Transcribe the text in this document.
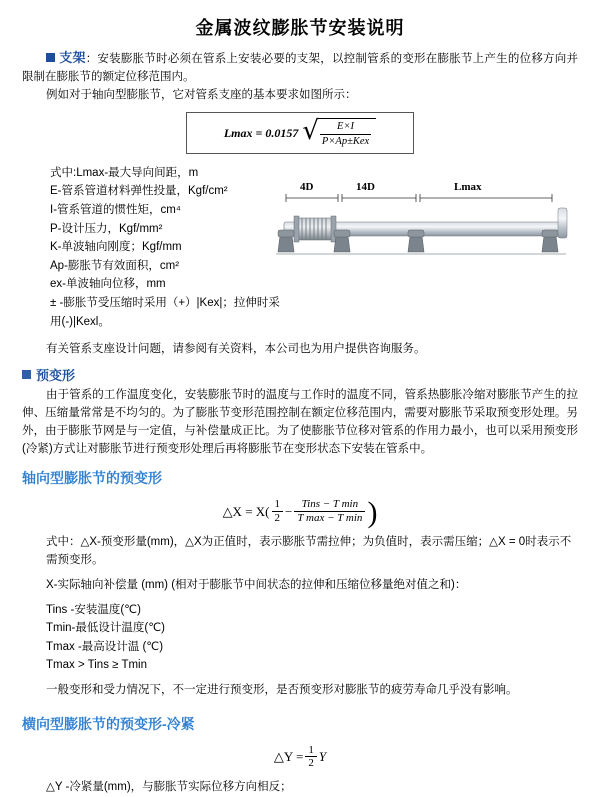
金属波纹膨胀节安装说明
支架：安装膨胀节时必须在管系上安装必要的支架，以控制管系的变形在膨胀节上产生的位移方向并限制在膨胀节的额定位移范围内。

例如对于轴向型膨胀节，它对管系支座的基本要求如图所示：

Lmax = 0.0157 √ $\frac{E\times I}{\text{P×Ap±Kex}}$
式中:Lmax-最大导向间距，m
E-管系管道材料弹性投量，Kgf/cm²
I-管系管道的惯性矩，cm⁴
P-设计压力，Kgf/mm²
K-单波轴向刚度；Kgf/mm
Ap-膨胀节有效面积，cm²
ex-单波轴向位移，mm
± -膨胀节受压缩时采用（+）|Kex|；拉伸时采用(-)|Kexl。
4D	14D	Lmax

有关管系支座设计问题，请参阅有关资料，本公司也为用户提供咨询服务。

预变形

由于管系的工作温度变化，安装膨胀节时的温度与工作时的温度不同，管系热膨胀冷缩对膨胀节产生的拉伸、压缩量常常是不均匀的。为了膨胀节变形范围控制在额定位移范围内，需要对膨胀节采取预变形处理。另外，由于膨胀节网是与一定值，与补偿量成正比。为了使膨胀节位移对管系的作用力最小，也可以采用预变形(冷紧)方式让对膨胀节进行预变形处理后再将膨胀节在变形状态下安装在管系中。

轴向型膨胀节的预变形
△X = $X( \frac{1}{2} - \frac{\text{Tins − T min}}{\text{T max − T min}}$ )
式中：△X-预变形量(mm)，△X为正值时，表示膨胀节需拉伸；为负值时，表示需压缩；△X = 0时表示不需预变形。
X-实际轴向补偿量 (mm) (相对于膨胀节中间状态的拉伸和压缩位移量绝对值之和)：
Tins -安装温度(℃)
Tmin-最低设计温度(℃)
Tmax -最高设计温 (℃)
Tmax > Tins ≥ Tmin
一般变形和受力情况下，不一定进行预变形，是否预变形对膨胀节的疲劳寿命几乎没有影响。
横向型膨胀节的预变形-冷紧
△Y = $\frac{1}{2}$ Y
△Y -冷紧量(mm)，与膨胀节实际位移方向相反；
